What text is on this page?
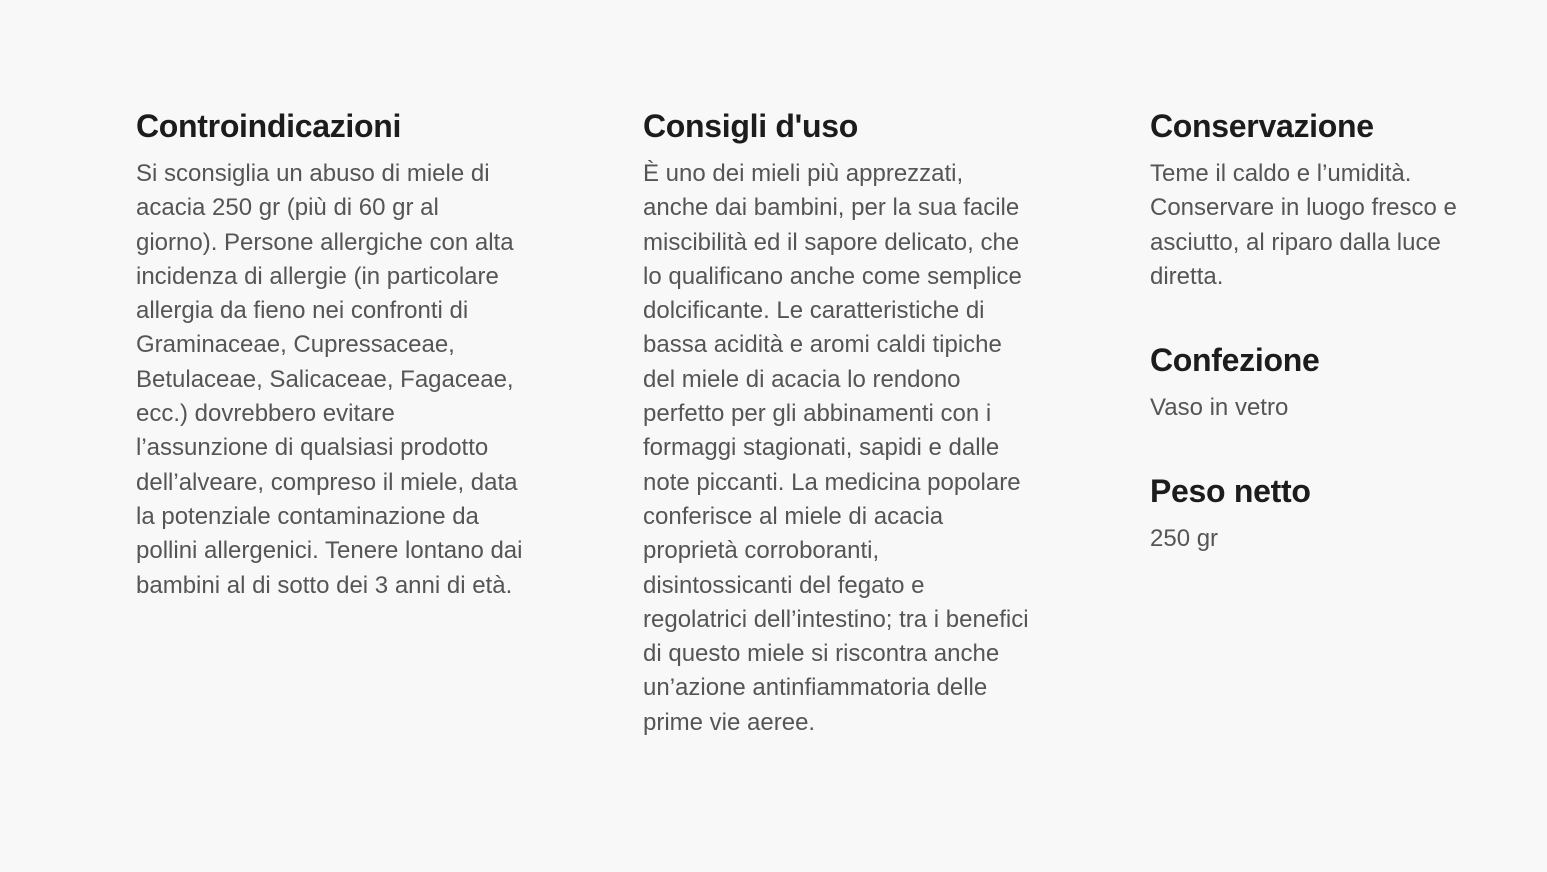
Controindicazioni

Si sconsiglia un abuso di miele di acacia 250 gr (più di 60 gr al giorno). Persone allergiche con alta incidenza di allergie (in particolare allergia da fieno nei confronti di Graminaceae, Cupressaceae, Betulaceae, Salicaceae, Fagaceae, ecc.) dovrebbero evitare l’assunzione di qualsiasi prodotto dell’alveare, compreso il miele, data la potenziale contaminazione da pollini allergenici. Tenere lontano dai bambini al di sotto dei 3 anni di età.

Consigli d'uso

È uno dei mieli più apprezzati, anche dai bambini, per la sua facile miscibilità ed il sapore delicato, che lo qualificano anche come semplice dolcificante. Le caratteristiche di bassa acidità e aromi caldi tipiche del miele di acacia lo rendono perfetto per gli abbinamenti con i formaggi stagionati, sapidi e dalle note piccanti. La medicina popolare conferisce al miele di acacia proprietà corroboranti, disintossicanti del fegato e regolatrici dell’intestino; tra i benefici di questo miele si riscontra anche un’azione antinfiammatoria delle prime vie aeree.

Conservazione

Teme il caldo e l’umidità. Conservare in luogo fresco e asciutto, al riparo dalla luce diretta.

Confezione

Vaso in vetro

Peso netto

250 gr
